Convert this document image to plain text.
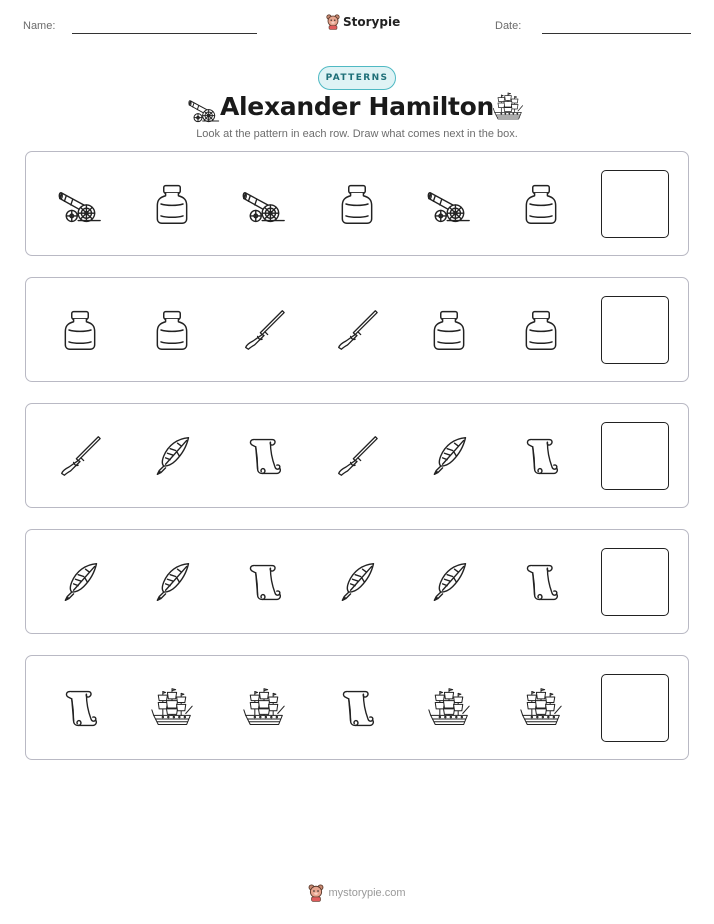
Name:	Storypie	Date:
PATTERNS
Alexander Hamilton
Look at the pattern in each row. Draw what comes next in the box.
mystorypie.com
